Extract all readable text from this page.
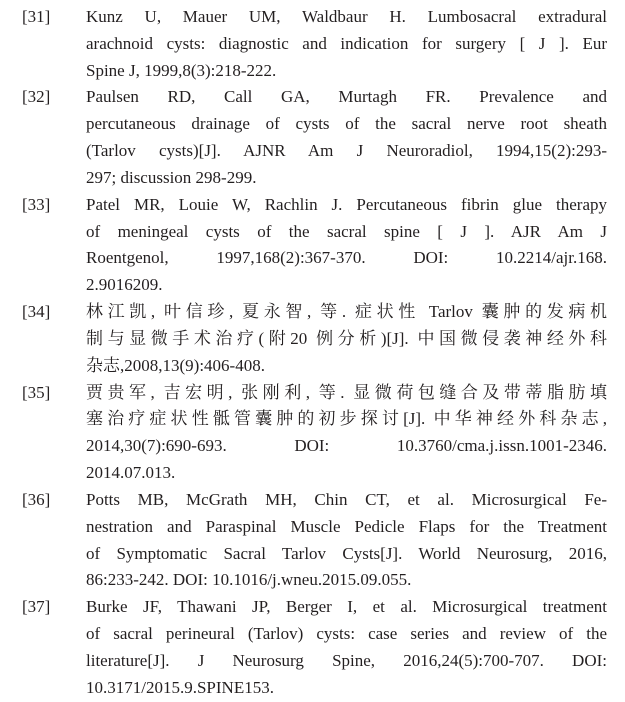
[31] Kunz U, Mauer UM, Waldbaur H. Lumbosacral extradural
arachnoid cysts: diagnostic and indication for surgery [ J ]. Eur
Spine J, 1999,8(3):218-222.
[32] Paulsen RD, Call GA, Murtagh FR. Prevalence and
percutaneous drainage of cysts of the sacral nerve root sheath
(Tarlov cysts)[J]. AJNR Am J Neuroradiol, 1994,15(2):293-
297; discussion 298-299.
[33] Patel MR, Louie W, Rachlin J. Percutaneous fibrin glue therapy
of meningeal cysts of the sacral spine [ J ]. AJR Am J
Roentgenol, 1997,168(2):367-370. DOI: 10.2214/ajr.168.
2.9016209.
[34] 林江凯, 叶信珍, 夏永智, 等. 症状性 Tarlov 囊肿的发病机
制与显微手术治疗(附20 例分析)[J]. 中国微侵袭神经外科
杂志,2008,13(9):406-408.
[35] 贾贵军, 吉宏明, 张刚利, 等. 显微荷包缝合及带蒂脂肪填
塞治疗症状性骶管囊肿的初步探讨[J]. 中华神经外科杂志,
2014,30(7):690-693. DOI: 10.3760/cma.j.issn.1001-2346.
2014.07.013.
[36] Potts MB, McGrath MH, Chin CT, et al. Microsurgical Fe-
nestration and Paraspinal Muscle Pedicle Flaps for the Treatment
of Symptomatic Sacral Tarlov Cysts[J]. World Neurosurg, 2016,
86:233-242. DOI: 10.1016/j.wneu.2015.09.055.
[37] Burke JF, Thawani JP, Berger I, et al. Microsurgical treatment
of sacral perineural (Tarlov) cysts: case series and review of the
literature[J]. J Neurosurg Spine, 2016,24(5):700-707. DOI:
10.3171/2015.9.SPINE153.
